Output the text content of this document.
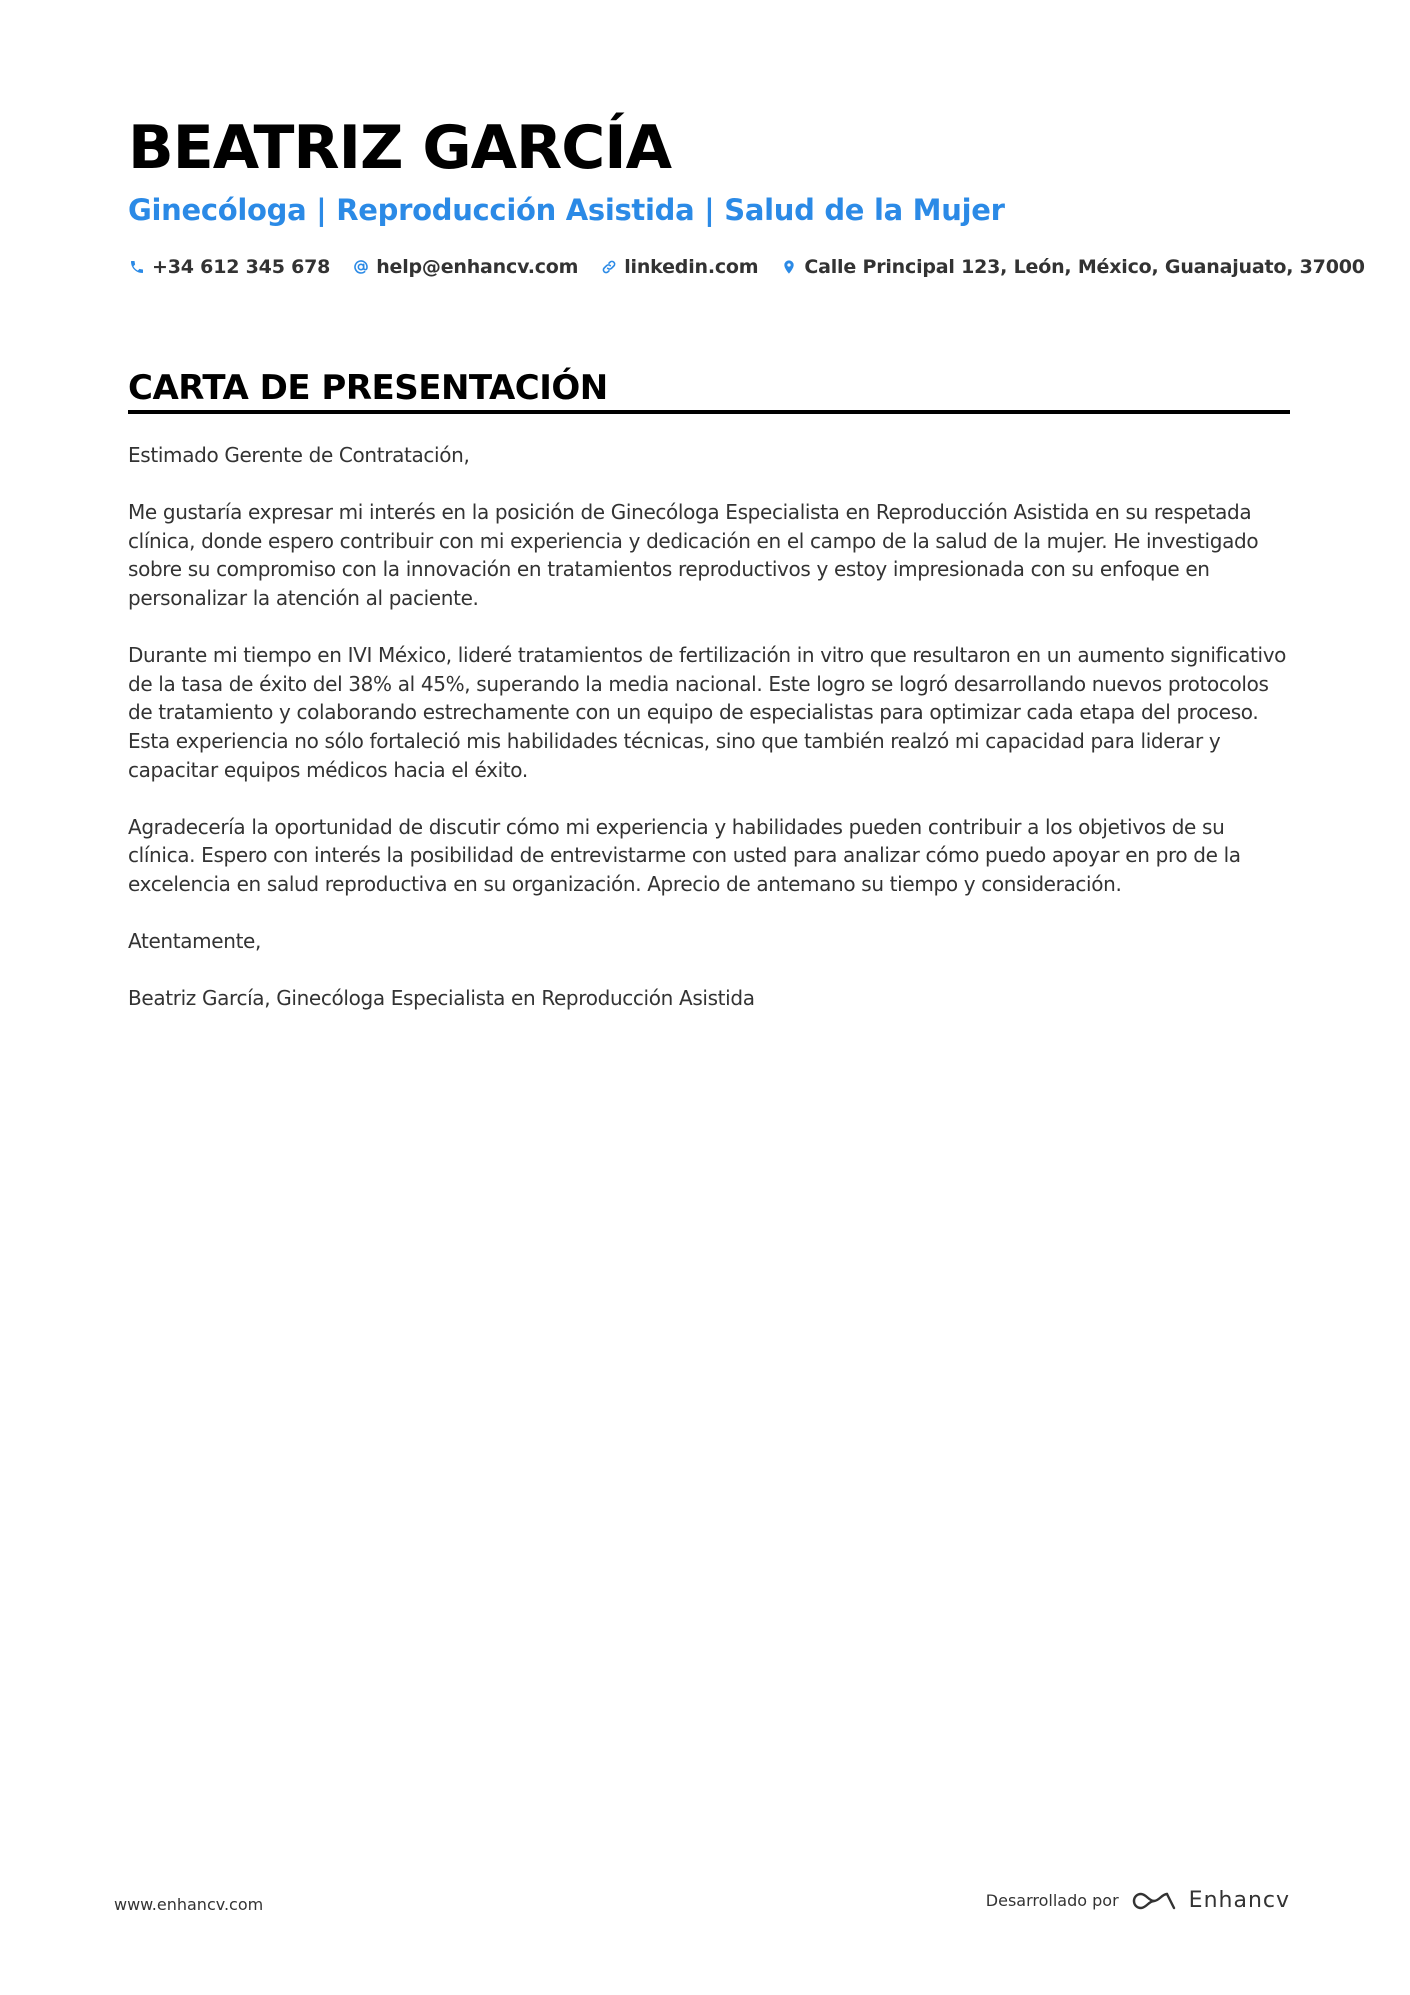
BEATRIZ GARCÍA
Ginecóloga | Reproducción Asistida | Salud de la Mujer
+34 612 345 678 help@enhancv.com linkedin.com Calle Principal 123, León, México, Guanajuato, 37000
CARTA DE PRESENTACIÓN

Estimado Gerente de Contratación,

Me gustaría expresar mi interés en la posición de Ginecóloga Especialista en Reproducción Asistida en su respetada clínica, donde espero contribuir con mi experiencia y dedicación en el campo de la salud de la mujer. He investigado sobre su compromiso con la innovación en tratamientos reproductivos y estoy impresionada con su enfoque en personalizar la atención al paciente.

Durante mi tiempo en IVI México, lideré tratamientos de fertilización in vitro que resultaron en un aumento significativo de la tasa de éxito del 38% al 45%, superando la media nacional. Este logro se logró desarrollando nuevos protocolos de tratamiento y colaborando estrechamente con un equipo de especialistas para optimizar cada etapa del proceso. Esta experiencia no sólo fortaleció mis habilidades técnicas, sino que también realzó mi capacidad para liderar y capacitar equipos médicos hacia el éxito.

Agradecería la oportunidad de discutir cómo mi experiencia y habilidades pueden contribuir a los objetivos de su clínica. Espero con interés la posibilidad de entrevistarme con usted para analizar cómo puedo apoyar en pro de la excelencia en salud reproductiva en su organización. Aprecio de antemano su tiempo y consideración.

Atentamente,

Beatriz García, Ginecóloga Especialista en Reproducción Asistida

www.enhancv.com	Desarrollado por	Enhancv
